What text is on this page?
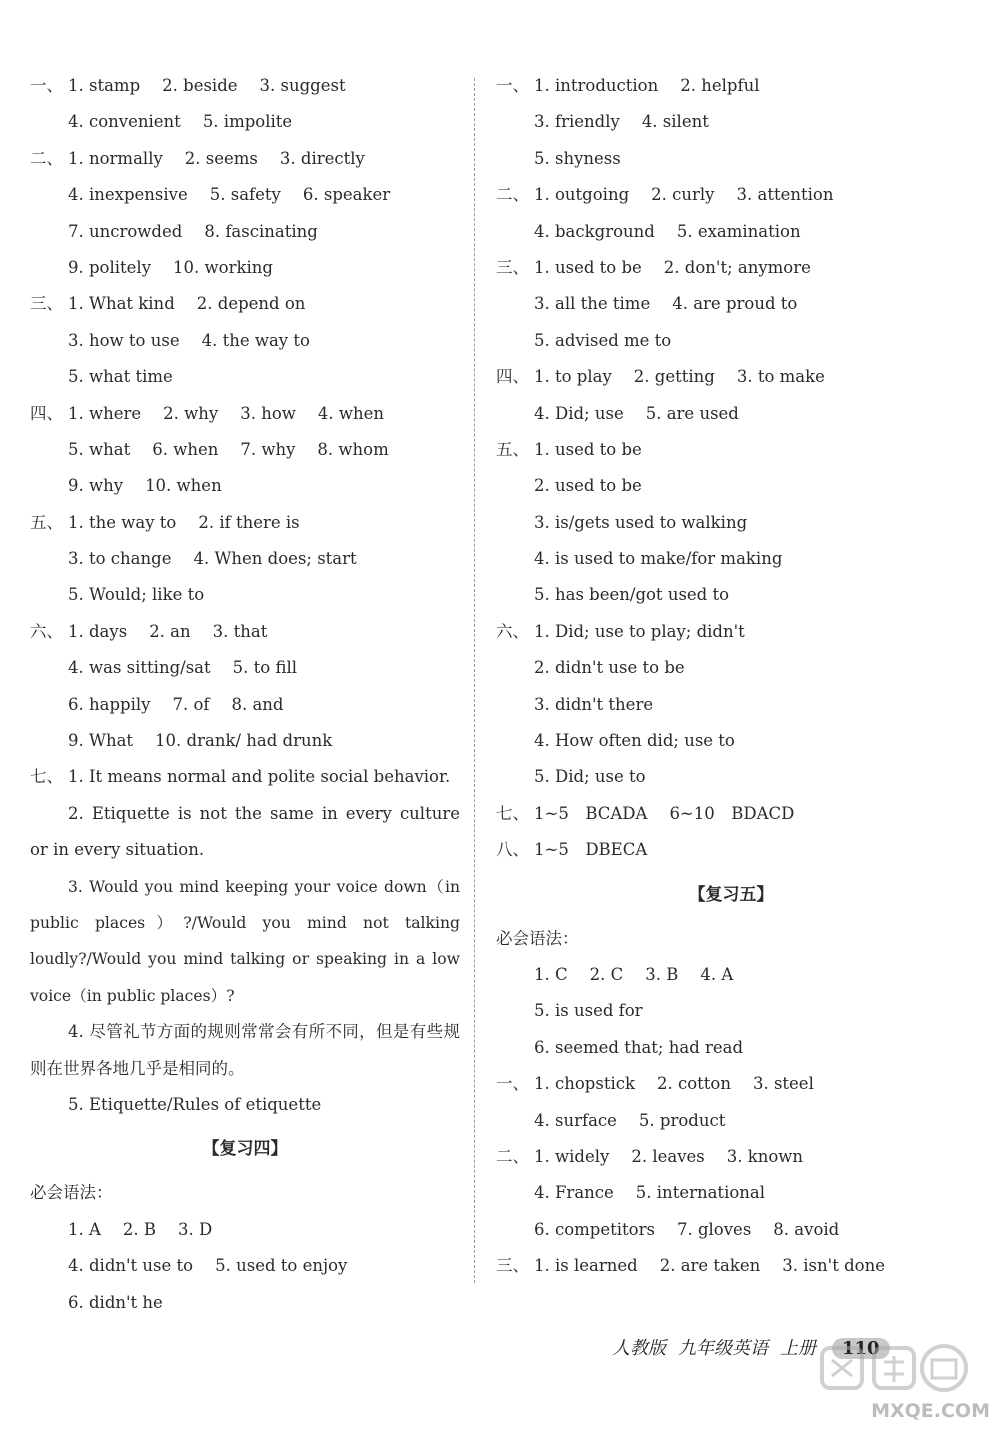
一、 1. stamp 2. beside 3. suggest
4. convenient 5. impolite
二、 1. normally 2. seems 3. directly
4. inexpensive 5. safety 6. speaker
7. uncrowded 8. fascinating
9. politely 10. working
三、 1. What kind 2. depend on
3. how to use 4. the way to
5. what time
四、 1. where 2. why 3. how 4. when
5. what 6. when 7. why 8. whom
9. why 10. when
五、 1. the way to 2. if there is
3. to change 4. When does; start
5. Would; like to
六、 1. days 2. an 3. that
4. was sitting/sat 5. to fill
6. happily 7. of 8. and
9. What 10. drank/ had drunk
七、 1. It means normal and polite social behavior.
2. Etiquette is not the same in every culture or in every situation.
3. Would you mind keeping your voice down（in public places）?/Would you mind not talking loudly?/Would you mind talking or speaking in a low voice（in public places）?
4. 尽管礼节方面的规则常常会有所不同，但是有些规则在世界各地几乎是相同的。
5. Etiquette/Rules of etiquette
【复习四】
必会语法：
1. A 2. B 3. D
4. didn't use to 5. used to enjoy
6. didn't he
一、 1. introduction 2. helpful
3. friendly 4. silent
5. shyness
二、 1. outgoing 2. curly 3. attention
4. background 5. examination
三、 1. used to be 2. don't; anymore
3. all the time 4. are proud to
5. advised me to
四、 1. to play 2. getting 3. to make
4. Did; use 5. are used
五、 1. used to be
2. used to be
3. is/gets used to walking
4. is used to make/for making
5. has been/got used to
六、 1. Did; use to play; didn't
2. didn't use to be
3. didn't there
4. How often did; use to
5. Did; use to
七、 1~5　BCADA 6~10　BDACD
八、 1~5　DBECA
【复习五】
必会语法：
1. C 2. C 3. B 4. A
5. is used for
6. seemed that; had read
一、 1. chopstick 2. cotton 3. steel
4. surface 5. product
二、 1. widely 2. leaves 3. known
4. France 5. international
6. competitors 7. gloves 8. avoid
三、 1. is learned 2. are taken 3. isn't done
人教版 九年级英语 上册 110
MXQE.COM
